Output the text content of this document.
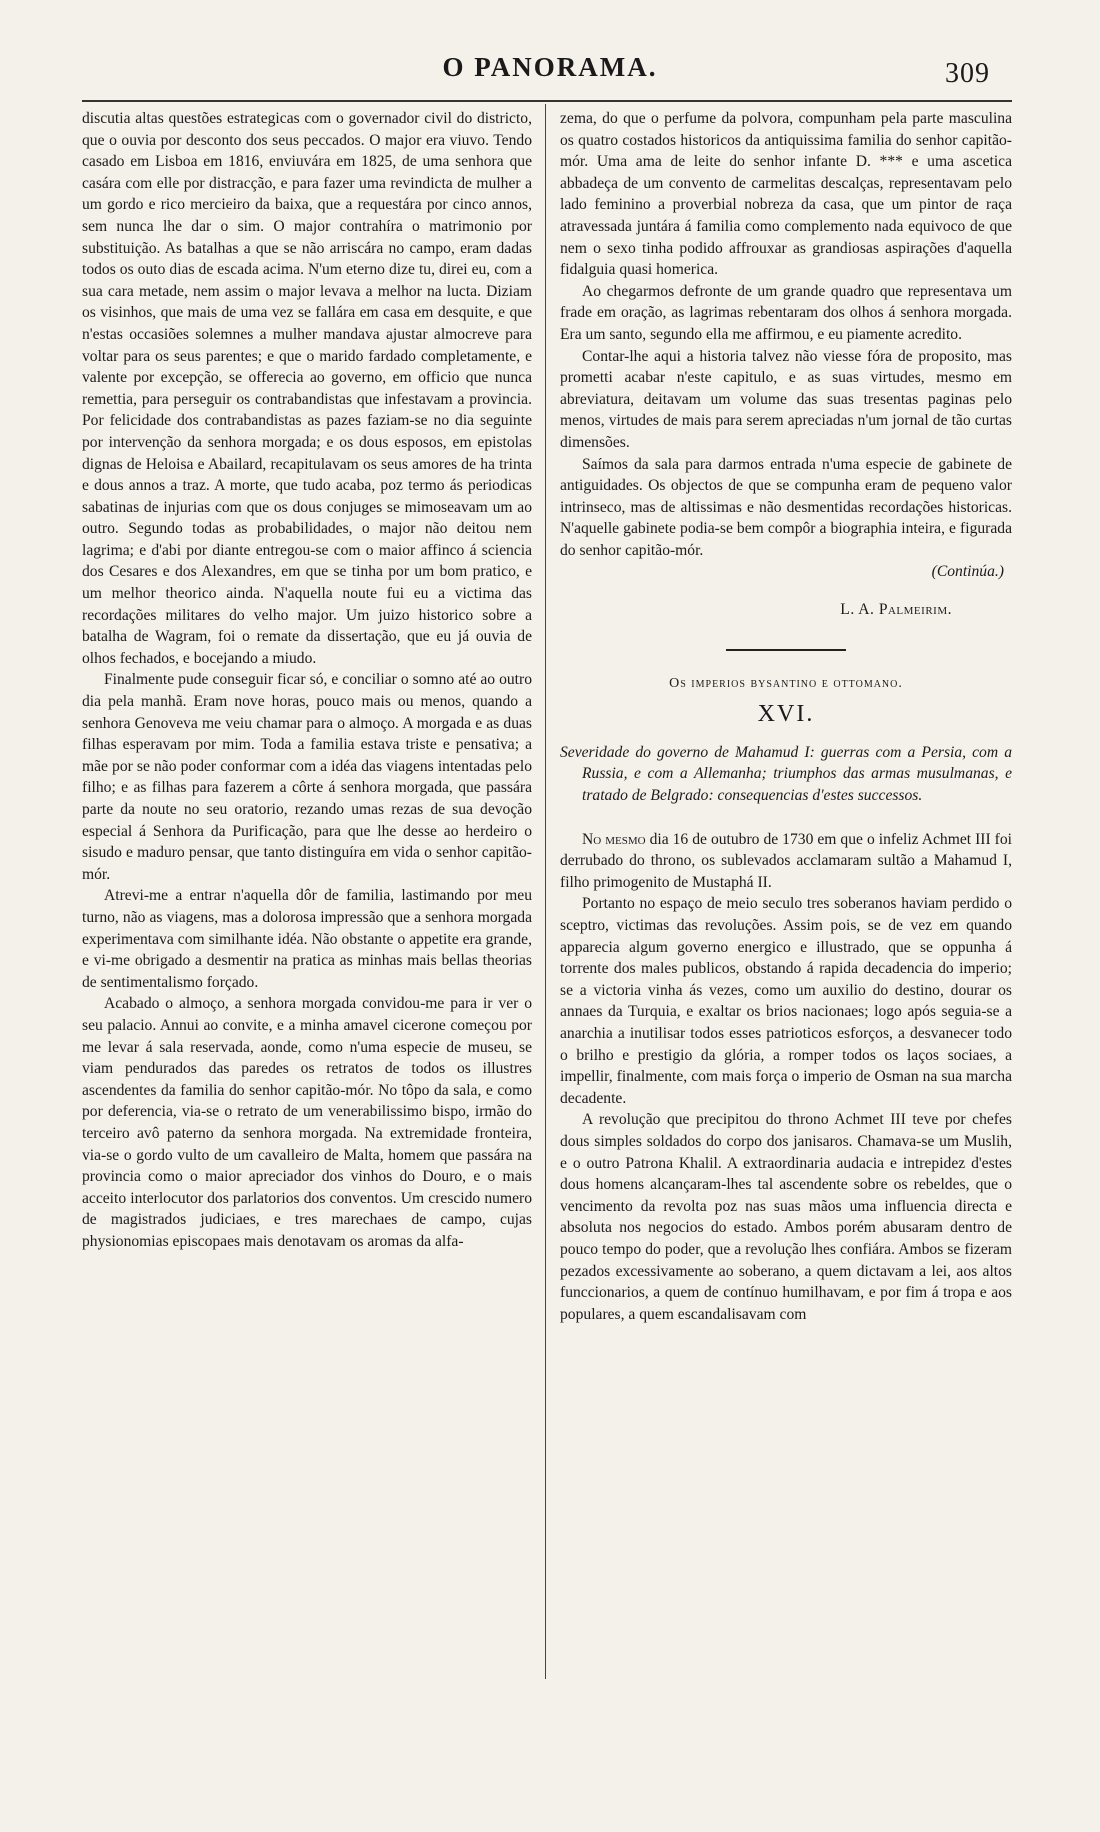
O PANORAMA.	309

discutia altas questões estrategicas com o governador civil do districto, que o ouvia por desconto dos seus peccados. O major era viuvo. Tendo casado em Lisboa em 1816, enviuvára em 1825, de uma senhora que casára com elle por distracção, e para fazer uma revindicta de mulher a um gordo e rico mercieiro da baixa, que a requestára por cinco annos, sem nunca lhe dar o sim. O major contrahíra o matrimonio por substituição. As batalhas a que se não arriscára no campo, eram dadas todos os outo dias de escada acima. N'um eterno dize tu, direi eu, com a sua cara metade, nem assim o major levava a melhor na lucta. Diziam os visinhos, que mais de uma vez se fallára em casa em desquite, e que n'estas occasiões solemnes a mulher mandava ajustar almocreve para voltar para os seus parentes; e que o marido fardado completamente, e valente por excepção, se offerecia ao governo, em officio que nunca remettia, para perseguir os contrabandistas que infestavam a provincia. Por felicidade dos contrabandistas as pazes faziam-se no dia seguinte por intervenção da senhora morgada; e os dous esposos, em epistolas dignas de Heloisa e Abailard, recapitulavam os seus amores de ha trinta e dous annos a traz. A morte, que tudo acaba, poz termo ás periodicas sabatinas de injurias com que os dous conjuges se mimoseavam um ao outro. Segundo todas as probabilidades, o major não deitou nem lagrima; e d'abi por diante entregou-se com o maior affinco á sciencia dos Cesares e dos Alexandres, em que se tinha por um bom pratico, e um melhor theorico ainda. N'aquella noute fui eu a victima das recordações militares do velho major. Um juizo historico sobre a batalha de Wagram, foi o remate da dissertação, que eu já ouvia de olhos fechados, e bocejando a miudo.

Finalmente pude conseguir ficar só, e conciliar o somno até ao outro dia pela manhã. Eram nove horas, pouco mais ou menos, quando a senhora Genoveva me veiu chamar para o almoço. A morgada e as duas filhas esperavam por mim. Toda a familia estava triste e pensativa; a mãe por se não poder conformar com a idéa das viagens intentadas pelo filho; e as filhas para fazerem a côrte á senhora morgada, que passára parte da noute no seu oratorio, rezando umas rezas de sua devoção especial á Senhora da Purificação, para que lhe desse ao herdeiro o sisudo e maduro pensar, que tanto distinguíra em vida o senhor capitão-mór.

Atrevi-me a entrar n'aquella dôr de familia, lastimando por meu turno, não as viagens, mas a dolorosa impressão que a senhora morgada experimentava com similhante idéa. Não obstante o appetite era grande, e vi-me obrigado a desmentir na pratica as minhas mais bellas theorias de sentimentalismo forçado.

Acabado o almoço, a senhora morgada convidou-me para ir ver o seu palacio. Annui ao convite, e a minha amavel cicerone começou por me levar á sala reservada, aonde, como n'uma especie de museu, se viam pendurados das paredes os retratos de todos os illustres ascendentes da familia do senhor capitão-mór. No tôpo da sala, e como por deferencia, via-se o retrato de um venerabilissimo bispo, irmão do terceiro avô paterno da senhora morgada. Na extremidade fronteira, via-se o gordo vulto de um cavalleiro de Malta, homem que passára na provincia como o maior apreciador dos vinhos do Douro, e o mais acceito interlocutor dos parlatorios dos conventos. Um crescido numero de magistrados judiciaes, e tres marechaes de campo, cujas physionomias episcopaes mais denotavam os aromas da alfa-

zema, do que o perfume da polvora, compunham pela parte masculina os quatro costados historicos da antiquissima familia do senhor capitão-mór. Uma ama de leite do senhor infante D. *** e uma ascetica abbadeça de um convento de carmelitas descalças, representavam pelo lado feminino a proverbial nobreza da casa, que um pintor de raça atravessada juntára á familia como complemento nada equivoco de que nem o sexo tinha podido affrouxar as grandiosas aspirações d'aquella fidalguia quasi homerica.

Ao chegarmos defronte de um grande quadro que representava um frade em oração, as lagrimas rebentaram dos olhos á senhora morgada. Era um santo, segundo ella me affirmou, e eu piamente acredito.

Contar-lhe aqui a historia talvez não viesse fóra de proposito, mas prometti acabar n'este capitulo, e as suas virtudes, mesmo em abreviatura, deitavam um volume das suas tresentas paginas pelo menos, virtudes de mais para serem apreciadas n'um jornal de tão curtas dimensões.

Saímos da sala para darmos entrada n'uma especie de gabinete de antiguidades. Os objectos de que se compunha eram de pequeno valor intrinseco, mas de altissimas e não desmentidas recordações historicas. N'aquelle gabinete podia-se bem compôr a biographia inteira, e figurada do senhor capitão-mór.

(Continúa.)

L. A. Palmeirim.

Os imperios bysantino e ottomano.

XVI.

Severidade do governo de Mahamud I: guerras com a Persia, com a Russia, e com a Allemanha; triumphos das armas musulmanas, e tratado de Belgrado: consequencias d'estes successos.

No mesmo dia 16 de outubro de 1730 em que o infeliz Achmet III foi derrubado do throno, os sublevados acclamaram sultão a Mahamud I, filho primogenito de Mustaphá II.

Portanto no espaço de meio seculo tres soberanos haviam perdido o sceptro, victimas das revoluções. Assim pois, se de vez em quando apparecia algum governo energico e illustrado, que se oppunha á torrente dos males publicos, obstando á rapida decadencia do imperio; se a victoria vinha ás vezes, como um auxilio do destino, dourar os annaes da Turquia, e exaltar os brios nacionaes; logo após seguia-se a anarchia a inutilisar todos esses patrioticos esforços, a desvanecer todo o brilho e prestigio da glória, a romper todos os laços sociaes, a impellir, finalmente, com mais força o imperio de Osman na sua marcha decadente.

A revolução que precipitou do throno Achmet III teve por chefes dous simples soldados do corpo dos janisaros. Chamava-se um Muslih, e o outro Patrona Khalil. A extraordinaria audacia e intrepidez d'estes dous homens alcançaram-lhes tal ascendente sobre os rebeldes, que o vencimento da revolta poz nas suas mãos uma influencia directa e absoluta nos negocios do estado. Ambos porém abusaram dentro de pouco tempo do poder, que a revolução lhes confiára. Ambos se fizeram pezados excessivamente ao soberano, a quem dictavam a lei, aos altos funccionarios, a quem de contínuo humilhavam, e por fim á tropa e aos populares, a quem escandalisavam com
